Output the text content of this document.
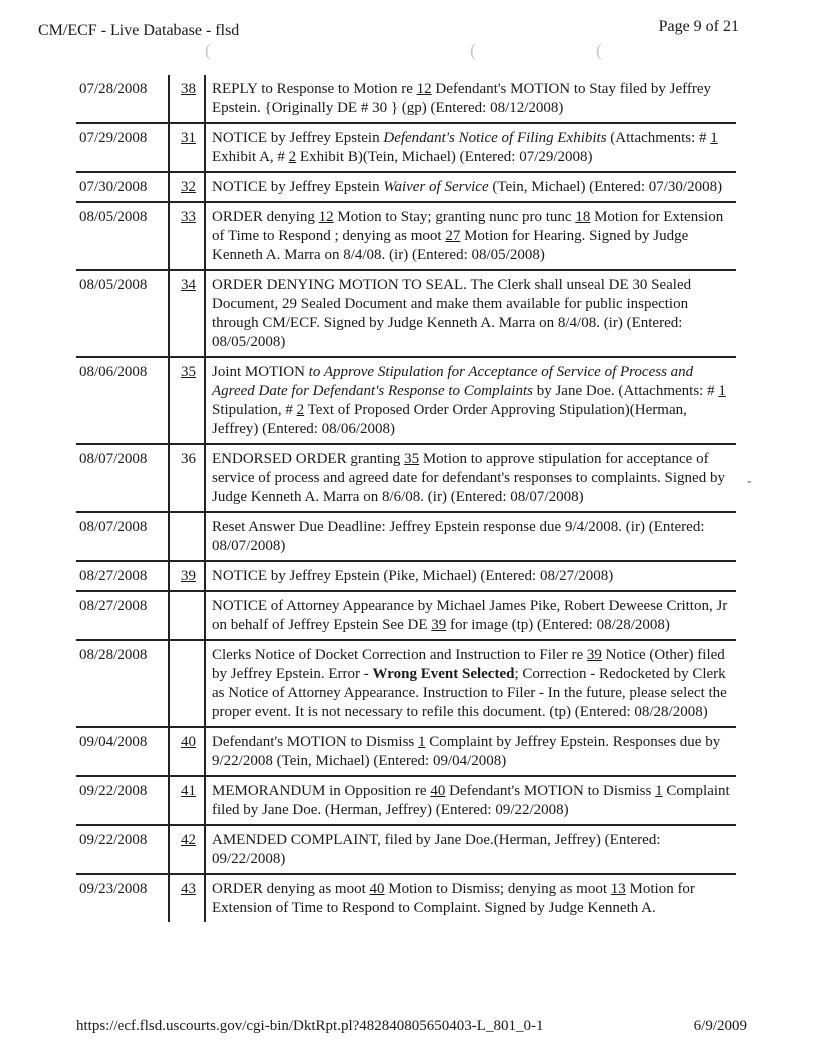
CM/ECF - Live Database - flsd	Page 9 of 21
(	(	(
07/28/2008	38	REPLY to Response to Motion re 12 Defendant's MOTION to Stay filed by Jeffrey Epstein. {Originally DE # 30 } (gp) (Entered: 08/12/2008)
07/29/2008	31	NOTICE by Jeffrey Epstein Defendant's Notice of Filing Exhibits (Attachments: # 1 Exhibit A, # 2 Exhibit B)(Tein, Michael) (Entered: 07/29/2008)
07/30/2008	32	NOTICE by Jeffrey Epstein Waiver of Service (Tein, Michael) (Entered: 07/30/2008)
08/05/2008	33	ORDER denying 12 Motion to Stay; granting nunc pro tunc 18 Motion for Extension of Time to Respond ; denying as moot 27 Motion for Hearing. Signed by Judge Kenneth A. Marra on 8/4/08. (ir) (Entered: 08/05/2008)
08/05/2008	34	ORDER DENYING MOTION TO SEAL. The Clerk shall unseal DE 30 Sealed Document, 29 Sealed Document and make them available for public inspection through CM/ECF. Signed by Judge Kenneth A. Marra on 8/4/08. (ir) (Entered: 08/05/2008)
08/06/2008	35	Joint MOTION to Approve Stipulation for Acceptance of Service of Process and Agreed Date for Defendant's Response to Complaints by Jane Doe. (Attachments: # 1 Stipulation, # 2 Text of Proposed Order Order Approving Stipulation)(Herman, Jeffrey) (Entered: 08/06/2008)
08/07/2008	36	ENDORSED ORDER granting 35 Motion to approve stipulation for acceptance of service of process and agreed date for defendant's responses to complaints. Signed by Judge Kenneth A. Marra on 8/6/08. (ir) (Entered: 08/07/2008)
08/07/2008		Reset Answer Due Deadline: Jeffrey Epstein response due 9/4/2008. (ir) (Entered: 08/07/2008)
08/27/2008	39	NOTICE by Jeffrey Epstein (Pike, Michael) (Entered: 08/27/2008)
08/27/2008		NOTICE of Attorney Appearance by Michael James Pike, Robert Deweese Critton, Jr on behalf of Jeffrey Epstein See DE 39 for image (tp) (Entered: 08/28/2008)
08/28/2008		Clerks Notice of Docket Correction and Instruction to Filer re 39 Notice (Other) filed by Jeffrey Epstein. Error - Wrong Event Selected; Correction - Redocketed by Clerk as Notice of Attorney Appearance. Instruction to Filer - In the future, please select the proper event. It is not necessary to refile this document. (tp) (Entered: 08/28/2008)
09/04/2008	40	Defendant's MOTION to Dismiss 1 Complaint by Jeffrey Epstein. Responses due by 9/22/2008 (Tein, Michael) (Entered: 09/04/2008)
09/22/2008	41	MEMORANDUM in Opposition re 40 Defendant's MOTION to Dismiss 1 Complaint filed by Jane Doe. (Herman, Jeffrey) (Entered: 09/22/2008)
09/22/2008	42	AMENDED COMPLAINT, filed by Jane Doe.(Herman, Jeffrey) (Entered: 09/22/2008)
09/23/2008	43	ORDER denying as moot 40 Motion to Dismiss; denying as moot 13 Motion for Extension of Time to Respond to Complaint. Signed by Judge Kenneth A.
-
https://ecf.flsd.uscourts.gov/cgi-bin/DktRpt.pl?482840805650403-L_801_0-1	6/9/2009
